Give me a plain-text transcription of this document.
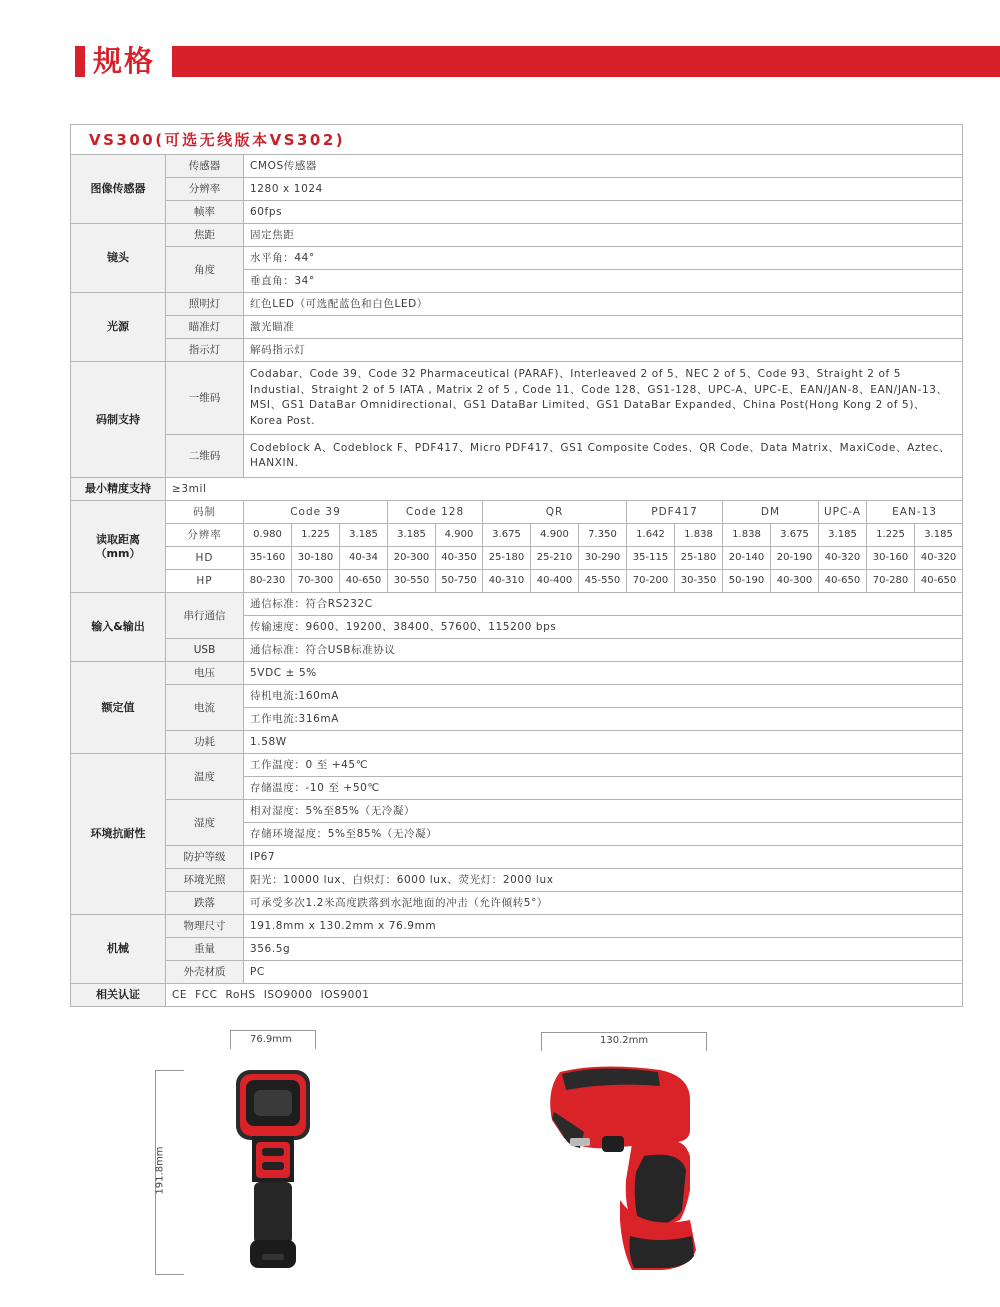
规格
VS300(可选无线版本VS302)																
图像传感器	传感器	CMOS传感器														
	分辨率	1280 x 1024														
	帧率	60fps														
镜头	焦距	固定焦距														
	角度	水平角：44°														
		垂直角：34°														
光源	照明灯	红色LED（可选配蓝色和白色LED）														
	瞄准灯	激光瞄准														
	指示灯	解码指示灯														
码制支持	一维码	Codabar、Code 39、Code 32 Pharmaceutical (PARAF)、Interleaved 2 of 5、NEC 2 of 5、Code 93、Straight 2 of 5 Industial、Straight 2 of 5 IATA , Matrix 2 of 5 , Code 11、Code 128、GS1-128、UPC-A、UPC-E、EAN/JAN-8、EAN/JAN-13、MSI、GS1 DataBar Omnidirectional、GS1 DataBar Limited、GS1 DataBar Expanded、China Post(Hong Kong 2 of 5)、Korea Post.														
	二维码	Codeblock A、Codeblock F、PDF417、Micro PDF417、GS1 Composite Codes、QR Code、Data Matrix、MaxiCode、Aztec、HANXIN.														
最小精度支持	≥3mil															

读取距离
（mm）	码制	Code 39			Code 128		QR			PDF417		DM		UPC-A	EAN-13	
	分辨率	0.980	1.225	3.185	3.185	4.900	3.675	4.900	7.350	1.642	1.838	1.838	3.675	3.185	1.225	3.185
	HD	35-160	30-180	40-34	20-300	40-350	25-180	25-210	30-290	35-115	25-180	20-140	20-190	40-320	30-160	40-320
	HP	80-230	70-300	40-650	30-550	50-750	40-310	40-400	45-550	70-200	30-350	50-190	40-300	40-650	70-280	40-650
输入&输出	串行通信	通信标准：符合RS232C														
		传输速度：9600、19200、38400、57600、115200 bps														
	USB	通信标准：符合USB标准协议														
额定值	电压	5VDC ± 5%														
	电流	待机电流:160mA														
		工作电流:316mA														
	功耗	1.58W														
环境抗耐性	温度	工作温度：0 至 +45℃														
		存储温度：-10 至 +50℃														
	湿度	相对湿度：5%至85%（无冷凝）														
		存储环境湿度：5%至85%（无冷凝）														
	防护等级	IP67														
	环境光照	阳光：10000 lux、白炽灯：6000 lux、荧光灯：2000 lux														
	跌落	可承受多次1.2米高度跌落到水泥地面的冲击（允许倾转5°）														
机械	物理尺寸	191.8mm x 130.2mm x 76.9mm														
	重量	356.5g														
	外壳材质	PC														
相关认证	CE FCC RoHS ISO9000 IOS9001															
76.9mm
191.8mm
130.2mm
